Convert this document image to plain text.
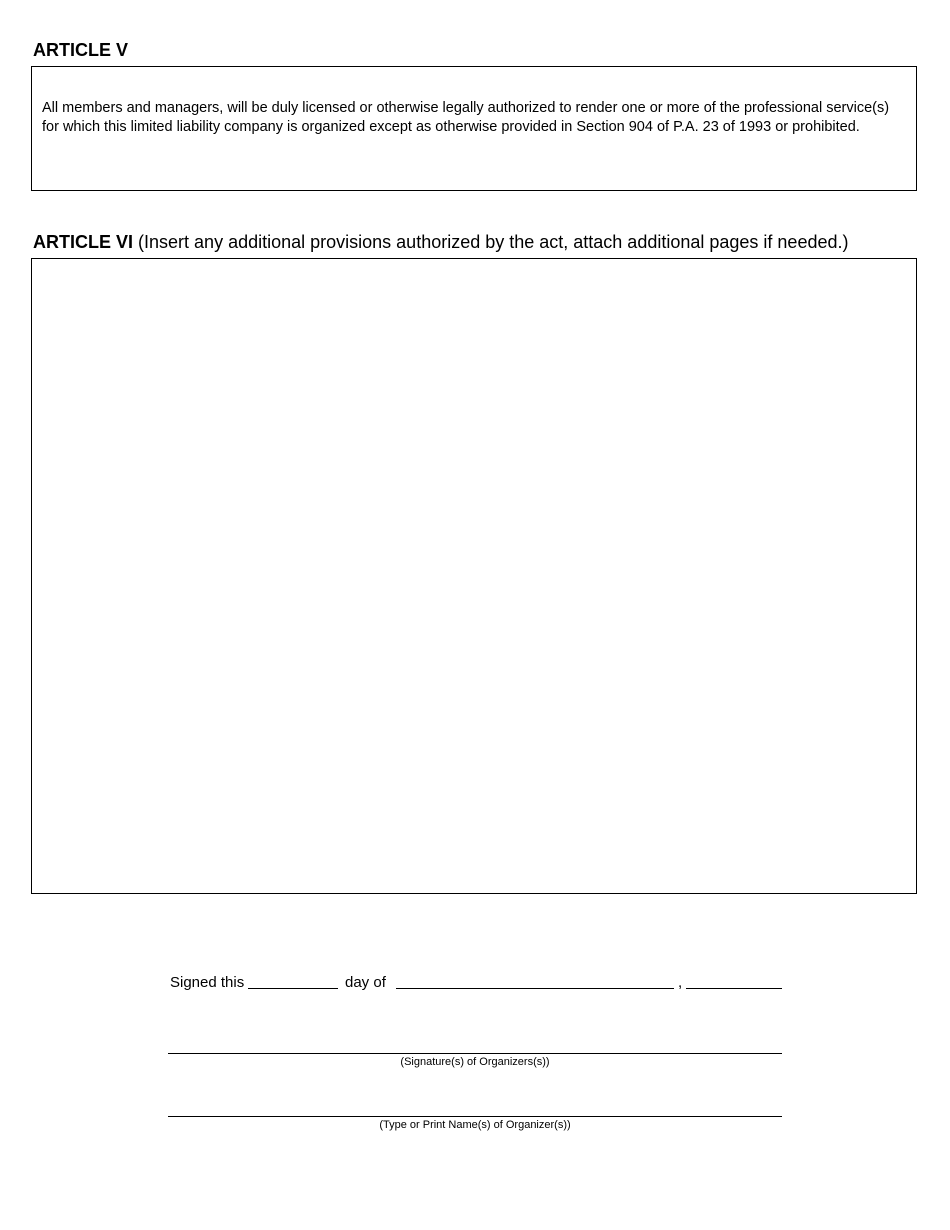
ARTICLE V
All members and managers, will be duly licensed or otherwise legally authorized to render one or more of the professional service(s) for which this limited liability company is organized except as otherwise provided in Section 904 of P.A. 23 of 1993 or prohibited.
ARTICLE VI (Insert any additional provisions authorized by the act, attach additional pages if needed.)
Signed this	day of	,
(Signature(s) of Organizers(s))
(Type or Print Name(s) of Organizer(s))
